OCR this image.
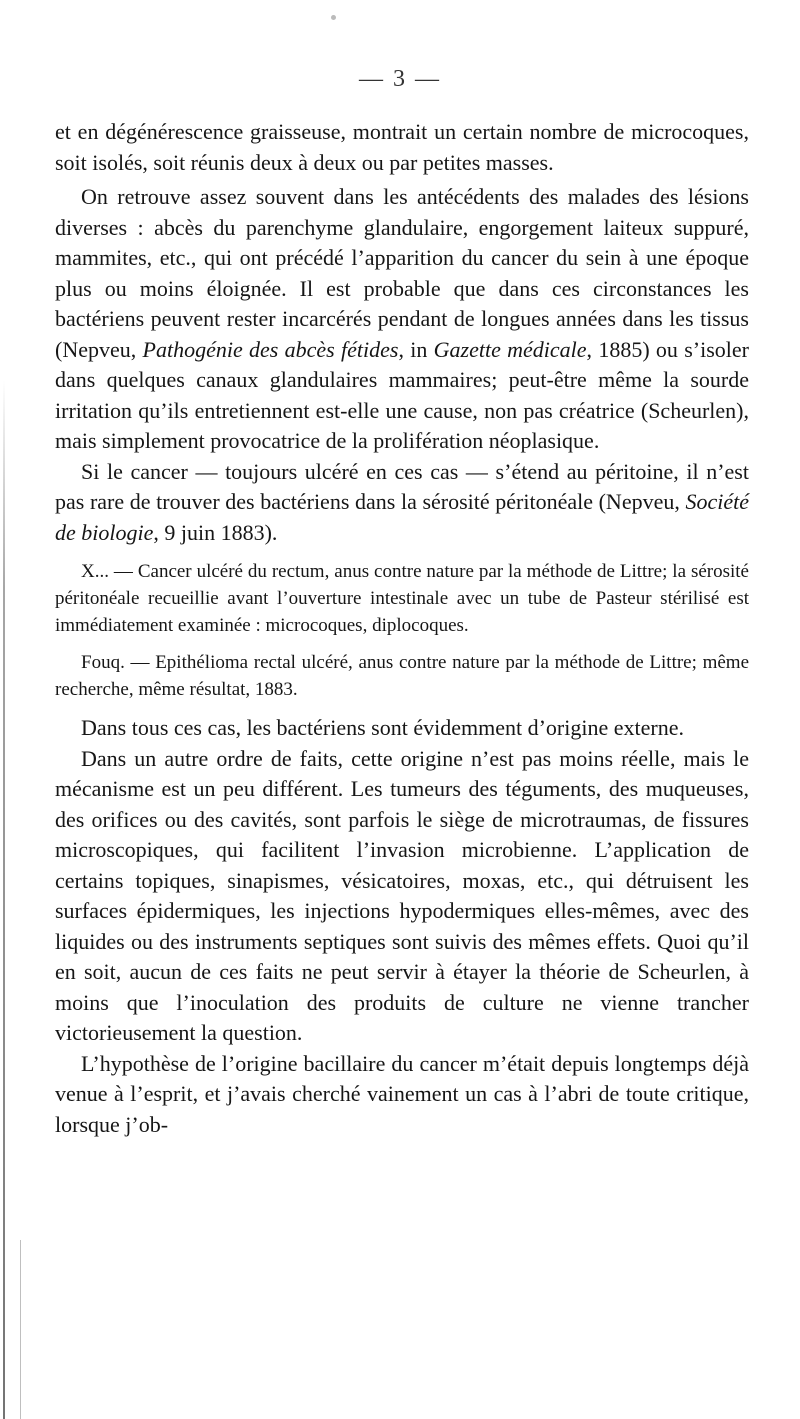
— 3 —

et en dégénérescence graisseuse, montrait un certain nombre de microcoques, soit isolés, soit réunis deux à deux ou par petites masses.

On retrouve assez souvent dans les antécédents des malades des lésions diverses : abcès du parenchyme glandulaire, engorgement laiteux suppuré, mammites, etc., qui ont précédé l’apparition du cancer du sein à une époque plus ou moins éloignée. Il est probable que dans ces circonstances les bactériens peuvent rester incarcérés pendant de longues années dans les tissus (Nepveu, Pathogénie des abcès fétides, in Gazette médicale, 1885) ou s’isoler dans quelques canaux glandulaires mammaires; peut-être même la sourde irritation qu’ils entretiennent est-elle une cause, non pas créatrice (Scheurlen), mais simplement provocatrice de la prolifération néoplasique.

Si le cancer — toujours ulcéré en ces cas — s’étend au péritoine, il n’est pas rare de trouver des bactériens dans la sérosité péritonéale (Nepveu, Société de biologie, 9 juin 1883).

X... — Cancer ulcéré du rectum, anus contre nature par la méthode de Littre; la sérosité péritonéale recueillie avant l’ouverture intestinale avec un tube de Pasteur stérilisé est immédiatement examinée : microcoques, diplocoques.

Fouq. — Epithélioma rectal ulcéré, anus contre nature par la méthode de Littre; même recherche, même résultat, 1883.

Dans tous ces cas, les bactériens sont évidemment d’origine externe.

Dans un autre ordre de faits, cette origine n’est pas moins réelle, mais le mécanisme est un peu différent. Les tumeurs des téguments, des muqueuses, des orifices ou des cavités, sont parfois le siège de microtraumas, de fissures microscopiques, qui facilitent l’invasion microbienne. L’application de certains topiques, sinapismes, vésicatoires, moxas, etc., qui détruisent les surfaces épidermiques, les injections hypodermiques elles-mêmes, avec des liquides ou des instruments septiques sont suivis des mêmes effets. Quoi qu’il en soit, aucun de ces faits ne peut servir à étayer la théorie de Scheurlen, à moins que l’inoculation des produits de culture ne vienne trancher victorieusement la question.

L’hypothèse de l’origine bacillaire du cancer m’était depuis longtemps déjà venue à l’esprit, et j’avais cherché vainement un cas à l’abri de toute critique, lorsque j’ob-
